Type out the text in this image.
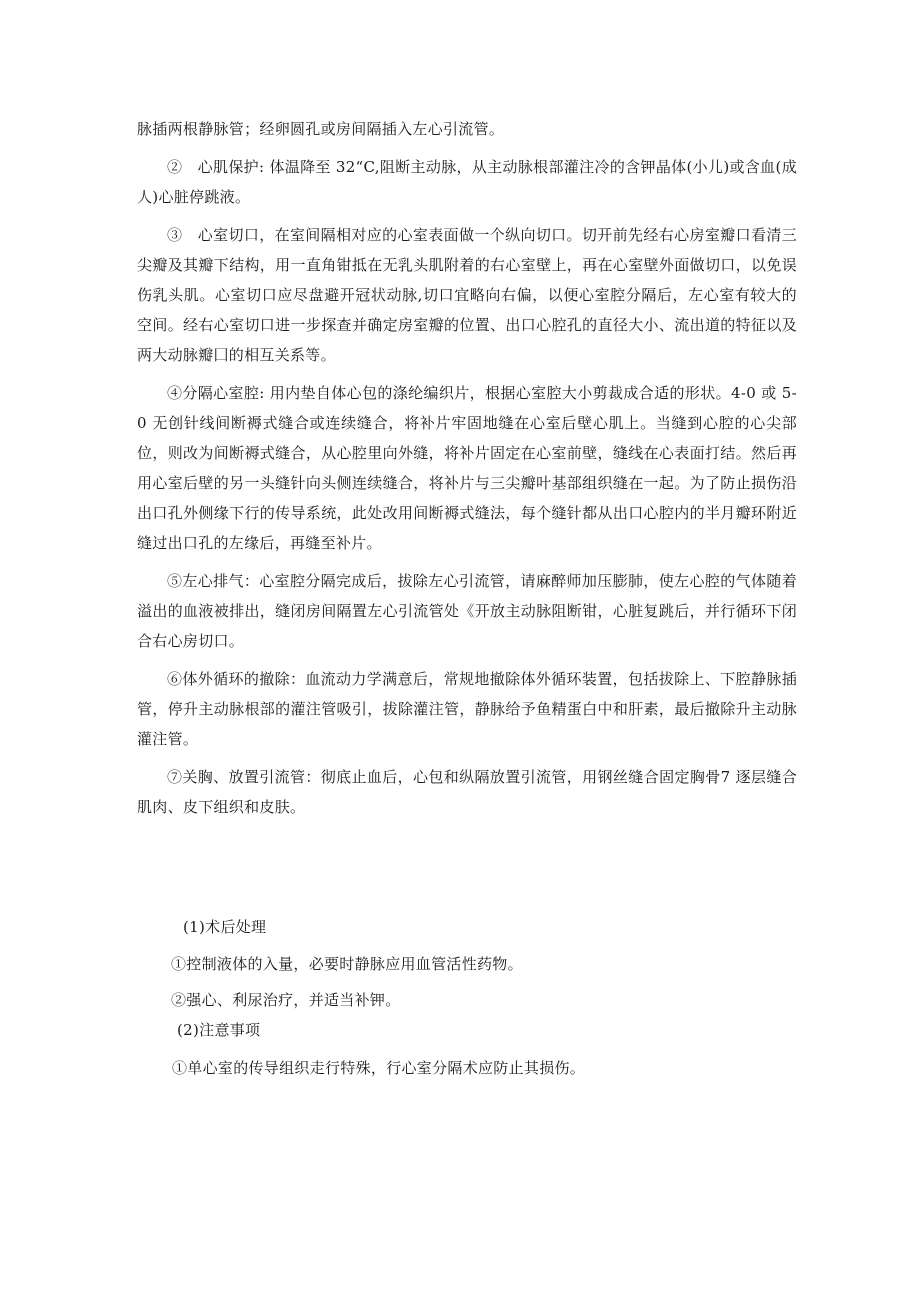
脉插两根静脉管；经卵圆孔或房间隔插入左心引流管。

②　心肌保护: 体温降至 32“C,阻断主动脉，从主动脉根部灌注冷的含钾晶体(小儿)或含血(成人)心脏停跳液。

③　心室切口，在室间隔相对应的心室表面做一个纵向切口。切开前先经右心房室瓣口看清三尖瓣及其瓣下结构，用一直角钳抵在无乳头肌附着的右心室壁上，再在心室壁外面做切口，以免误伤乳头肌。心室切口应尽盘避开冠状动脉,切口宜略向右偏，以便心室腔分隔后，左心室有较大的空间。经右心室切口进一步探查并确定房室瓣的位置、出口心腔孔的直径大小、流出道的特征以及两大动脉瓣囗的相互关系等。

④分隔心室腔: 用内垫自体心包的涤纶编织片，根据心室腔大小剪裁成合适的形状。4-0 或 5-0 无创针线间断褥式缝合或连续缝合，将补片牢固地缝在心室后壁心肌上。当缝到心腔的心尖部位，则改为间断褥式缝合，从心腔里向外缝，将补片固定在心室前壁，缝线在心表面打结。然后再用心室后壁的另一头缝针向头侧连续缝合，将补片与三尖瓣叶基部组织缝在一起。为了防止损伤沿出口孔外侧缘下行的传导系统，此处改用间断褥式缝法，每个缝针都从出口心腔内的半月瓣环附近缝过出口孔的左缘后，再缝至补片。

⑤左心排气：心室腔分隔完成后，拔除左心引流管，请麻醉师加压膨肺，使左心腔的气体随着溢出的血液被排出，缝闭房间隔置左心引流管处《开放主动脉阻断钳，心脏复跳后，并行循环下闭合右心房切口。

⑥体外循环的撤除：血流动力学满意后，常规地撤除体外循环装置，包括拔除上、下腔静脉插管，停升主动脉根部的灌注管吸引，拔除灌注管，静脉给予鱼精蛋白中和肝素，最后撤除升主动脉灌注管。

⑦关胸、放置引流管：彻底止血后，心包和纵隔放置引流管，用钢丝缝合固定胸骨7 逐层缝合肌肉、皮下组织和皮肤。

(1)术后处理
①控制液体的入量，必要时静脉应用血管活性药物。
②强心、利尿治疗，并适当补钾。
(2)注意事项
①单心室的传导组织走行特殊，行心室分隔术应防止其损伤。
